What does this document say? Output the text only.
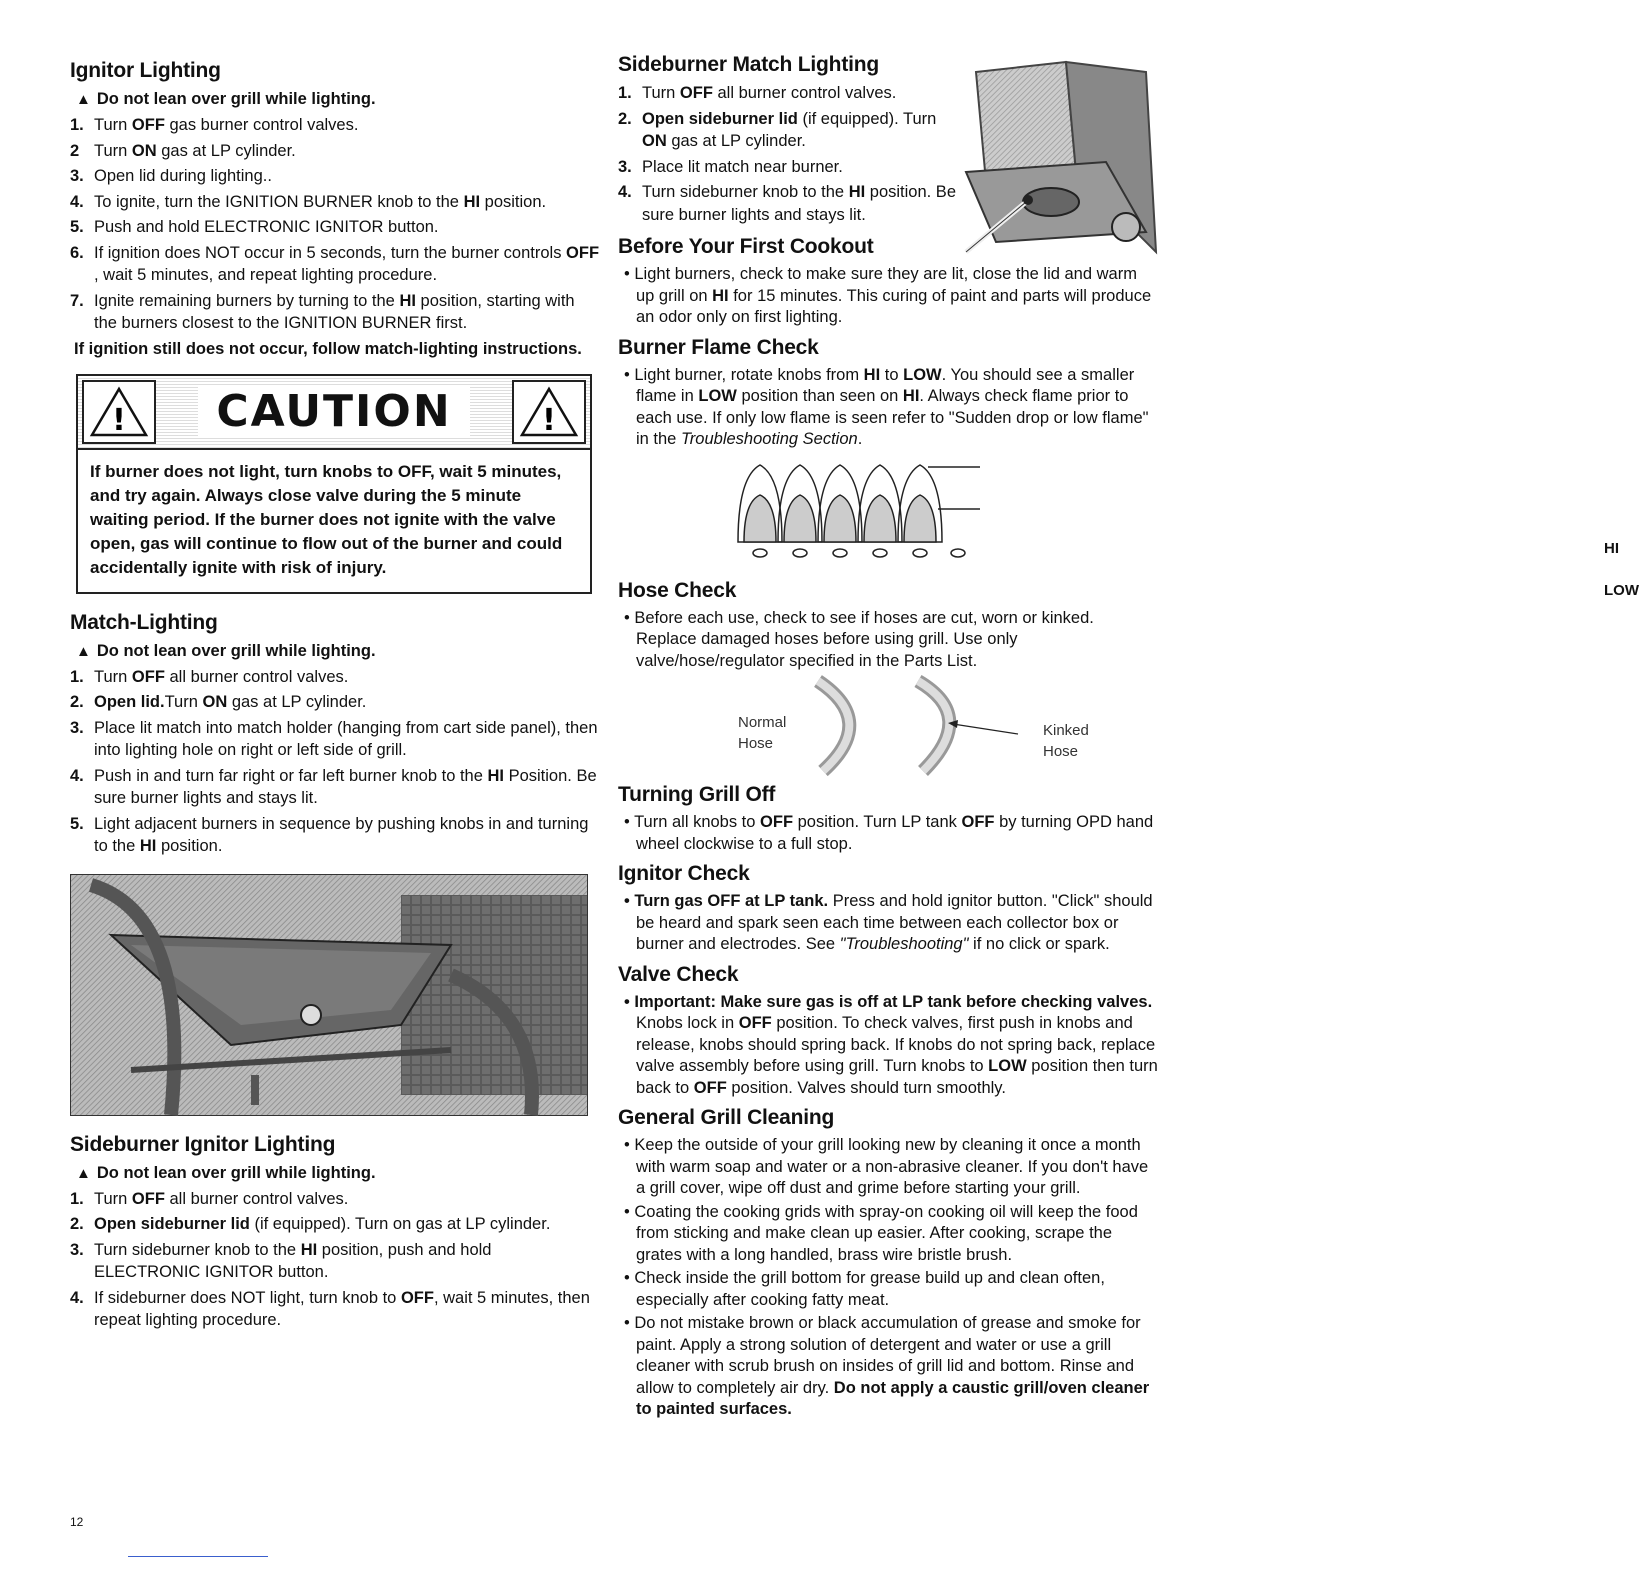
Ignitor Lighting
▲ Do not lean over grill while lighting.
1. Turn OFF gas burner control valves.
2 Turn ON gas at LP cylinder.
3. Open lid during lighting..
4. To ignite, turn the IGNITION BURNER knob to the HI position.
5. Push and hold ELECTRONIC IGNITOR button.
6. If ignition does NOT occur in 5 seconds, turn the burner controls OFF , wait 5 minutes, and repeat lighting procedure.
7. Ignite remaining burners by turning to the HI position, starting with the burners closest to the IGNITION BURNER first.
If ignition still does not occur, follow match-lighting instructions.
!	CAUTION	!
If burner does not light, turn knobs to OFF, wait 5 minutes, and try again. Always close valve during the 5 minute waiting period. If the burner does not ignite with the valve open, gas will continue to flow out of the burner and could accidentally ignite with risk of injury.
Match-Lighting
▲ Do not lean over grill while lighting.
1. Turn OFF all burner control valves.
2. Open lid.Turn ON gas at LP cylinder.
3. Place lit match into match holder (hanging from cart side panel), then into lighting hole on right or left side of grill.
4. Push in and turn far right or far left burner knob to the HI Position. Be sure burner lights and stays lit.
5. Light adjacent burners in sequence by pushing knobs in and turning to the HI position.
Sideburner Ignitor Lighting
▲ Do not lean over grill while lighting.
1. Turn OFF all burner control valves.
2. Open sideburner lid (if equipped). Turn on gas at LP cylinder.
3. Turn sideburner knob to the HI position, push and hold ELECTRONIC IGNITOR button.
4. If sideburner does NOT light, turn knob to OFF, wait 5 minutes, then repeat lighting procedure.
Sideburner Match Lighting
1. Turn OFF all burner control valves.
2. Open sideburner lid (if equipped). Turn ON gas at LP cylinder.
3. Place lit match near burner.
4. Turn sideburner knob to the HI position. Be sure burner lights and stays lit.
Before Your First Cookout
• Light burners, check to make sure they are lit, close the lid and warm up grill on HI for 15 minutes. This curing of paint and parts will produce an odor only on first lighting.
Burner Flame Check
• Light burner, rotate knobs from HI to LOW. You should see a smaller flame in LOW position than seen on HI. Always check flame prior to each use. If only low flame is seen refer to "Sudden drop or low flame" in the Troubleshooting Section.
HI
LOW
Hose Check
• Before each use, check to see if hoses are cut, worn or kinked. Replace damaged hoses before using grill. Use only valve/hose/regulator specified in the Parts List.
Normal
Hose
Kinked
Hose
Turning Grill Off
• Turn all knobs to OFF position. Turn LP tank OFF by turning OPD hand wheel clockwise to a full stop.
Ignitor Check
• Turn gas OFF at LP tank. Press and hold ignitor button. "Click" should be heard and spark seen each time between each collector box or burner and electrodes. See "Troubleshooting" if no click or spark.
Valve Check
• Important: Make sure gas is off at LP tank before checking valves. Knobs lock in OFF position. To check valves, first push in knobs and release, knobs should spring back. If knobs do not spring back, replace valve assembly before using grill. Turn knobs to LOW position then turn back to OFF position. Valves should turn smoothly.
General Grill Cleaning
• Keep the outside of your grill looking new by cleaning it once a month with warm soap and water or a non-abrasive cleaner. If you don't have a grill cover, wipe off dust and grime before starting your grill.
• Coating the cooking grids with spray-on cooking oil will keep the food from sticking and make clean up easier. After cooking, scrape the grates with a long handled, brass wire bristle brush.
• Check inside the grill bottom for grease build up and clean often, especially after cooking fatty meat.
• Do not mistake brown or black accumulation of grease and smoke for paint. Apply a strong solution of detergent and water or use a grill cleaner with scrub brush on insides of grill lid and bottom. Rinse and allow to completely air dry. Do not apply a caustic grill/oven cleaner to painted surfaces.
12
